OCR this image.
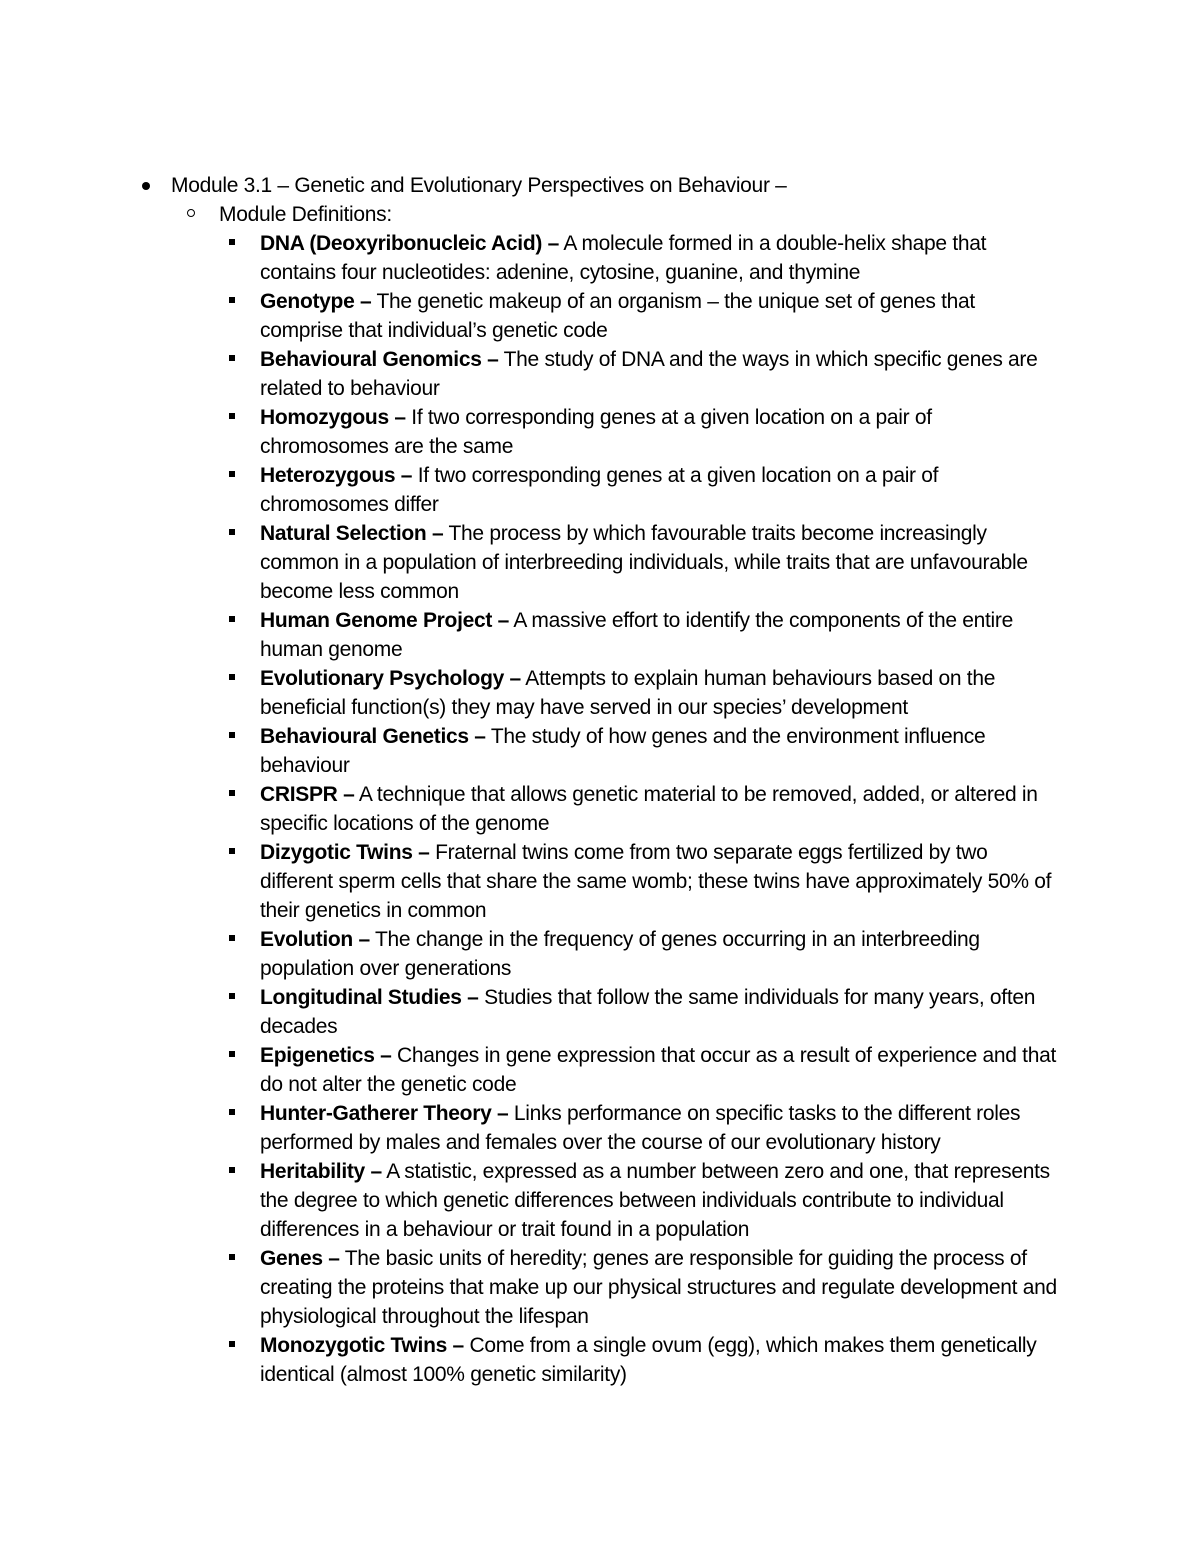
Module 3.1 – Genetic and Evolutionary Perspectives on Behaviour –
Module Definitions:
DNA (Deoxyribonucleic Acid) – A molecule formed in a double-helix shape that contains four nucleotides: adenine, cytosine, guanine, and thymine
Genotype – The genetic makeup of an organism – the unique set of genes that comprise that individual’s genetic code
Behavioural Genomics – The study of DNA and the ways in which specific genes are related to behaviour
Homozygous – If two corresponding genes at a given location on a pair of chromosomes are the same
Heterozygous – If two corresponding genes at a given location on a pair of chromosomes differ
Natural Selection – The process by which favourable traits become increasingly common in a population of interbreeding individuals, while traits that are unfavourable become less common
Human Genome Project – A massive effort to identify the components of the entire human genome
Evolutionary Psychology – Attempts to explain human behaviours based on the beneficial function(s) they may have served in our species’ development
Behavioural Genetics – The study of how genes and the environment influence behaviour
CRISPR – A technique that allows genetic material to be removed, added, or altered in specific locations of the genome
Dizygotic Twins – Fraternal twins come from two separate eggs fertilized by two different sperm cells that share the same womb; these twins have approximately 50% of their genetics in common
Evolution – The change in the frequency of genes occurring in an interbreeding population over generations
Longitudinal Studies – Studies that follow the same individuals for many years, often decades
Epigenetics – Changes in gene expression that occur as a result of experience and that do not alter the genetic code
Hunter-Gatherer Theory – Links performance on specific tasks to the different roles performed by males and females over the course of our evolutionary history
Heritability – A statistic, expressed as a number between zero and one, that represents the degree to which genetic differences between individuals contribute to individual differences in a behaviour or trait found in a population
Genes – The basic units of heredity; genes are responsible for guiding the process of creating the proteins that make up our physical structures and regulate development and physiological throughout the lifespan
Monozygotic Twins – Come from a single ovum (egg), which makes them genetically identical (almost 100% genetic similarity)
